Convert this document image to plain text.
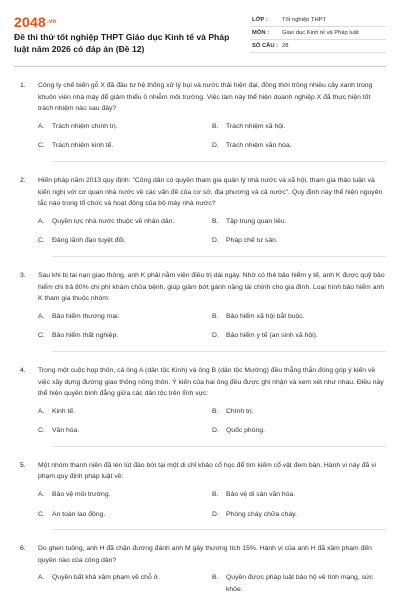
$2048^{.vn}$
Đề thi thử tốt nghiệp THPT Giáo dục Kinh tế và Pháp luật năm 2026 có đáp án (Đề 12)
LỚP :	Tốt nghiệp THPT
MÔN :	Giáo dục Kinh tế và Pháp luật
SỐ CÂU : 28
1. Công ty chế biến gỗ X đã đầu tư hệ thống xử lý bụi và nước thải hiện đại, đồng thời trồng nhiều cây xanh trong khuôn viên nhà máy để giảm thiểu ô nhiễm môi trường. Việc làm này thể hiện doanh nghiệp X đã thực hiện tốt trách nhiệm nào sau đây?
A. Trách nhiệm chính trị.	B. Trách nhiệm xã hội.
C. Trách nhiệm kinh tế.	D. Trách nhiệm văn hóa.
2. Hiến pháp năm 2013 quy định: "Công dân có quyền tham gia quản lý nhà nước và xã hội, tham gia thảo luận và kiến nghị với cơ quan nhà nước về các vấn đề của cơ sở, địa phương và cả nước". Quy định này thể hiện nguyên tắc nào trong tổ chức và hoạt động của bộ máy nhà nước?
A. Quyền lực nhà nước thuộc về nhân dân.	B. Tập trung quan liêu.
C. Đảng lãnh đạo tuyệt đối.	D. Pháp chế tư sản.
3. Sau khi bị tai nạn giao thông, anh K phải nằm viện điều trị dài ngày. Nhờ có thẻ bảo hiểm y tế, anh K được quỹ bảo hiểm chi trả 80% chi phí khám chữa bệnh, giúp giảm bớt gánh nặng tài chính cho gia đình. Loại hình bảo hiểm anh K tham gia thuộc nhóm:
A. Bảo hiểm thương mại.	B. Bảo hiểm xã hội bắt buộc.
C. Bảo hiểm thất nghiệp.	D. Bảo hiểm y tế (an sinh xã hội).
4. Trong một cuộc họp thôn, cả ông A (dân tộc Kinh) và ông B (dân tộc Mường) đều thẳng thắn đóng góp ý kiến về việc xây dựng đường giao thông nông thôn. Ý kiến của hai ông đều được ghi nhận và xem xét như nhau. Điều này thể hiện quyền bình đẳng giữa các dân tộc trên lĩnh vực:
A. Kinh tế.	B. Chính trị.
C. Văn hóa.	D. Quốc phòng.
5. Một nhóm thanh niên đã lén lút đào bới tại một di chỉ khảo cổ học để tìm kiếm cổ vật đem bán. Hành vi này đã vi phạm quy định pháp luật về:
A. Bảo vệ môi trường.	B. Bảo vệ di sản văn hóa.
C. An toàn lao động.	D. Phòng cháy chữa cháy.
6. Do ghen tuông, anh H đã chặn đường đánh anh M gây thương tích 15%. Hành vi của anh H đã xâm phạm đến quyền nào của công dân?
A. Quyền bất khả xâm phạm về chỗ ở.	B. Quyền được pháp luật bảo hộ về tính mạng, sức khỏe.
